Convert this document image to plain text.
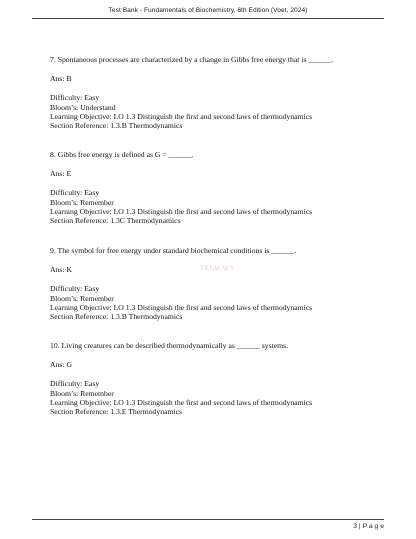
Test Bank - Fundamentals of Biochemistry, 6th Edition (Voet, 2024)
7. Spontaneous processes are characterized by a change in Gibbs free energy that is ______.
Ans: B
Difficulty: Easy
Bloom’s: Understand
Learning Objective: LO 1.3 Distinguish the first and second laws of thermodynamics
Section Reference: 1.3.B Thermodynamics
8. Gibbs free energy is defined as G = ______.
Ans: E
Difficulty: Easy
Bloom’s: Remember
Learning Objective: LO 1.3 Distinguish the first and second laws of thermodynamics
Section Reference: 1.3C Thermodynamics
9. The symbol for free energy under standard biochemical conditions is ______.
Ans: K
Difficulty: Easy
Bloom’s: Remember
Learning Objective: LO 1.3 Distinguish the first and second laws of thermodynamics
Section Reference: 1.3.B Thermodynamics
10. Living creatures can be described thermodynamically as ______ systems.
Ans: G
Difficulty: Easy
Bloom’s: Remember
Learning Objective: LO 1.3 Distinguish the first and second laws of thermodynamics
Section Reference: 1.3.E Thermodynamics
TESM.WS
3 | P a g e
